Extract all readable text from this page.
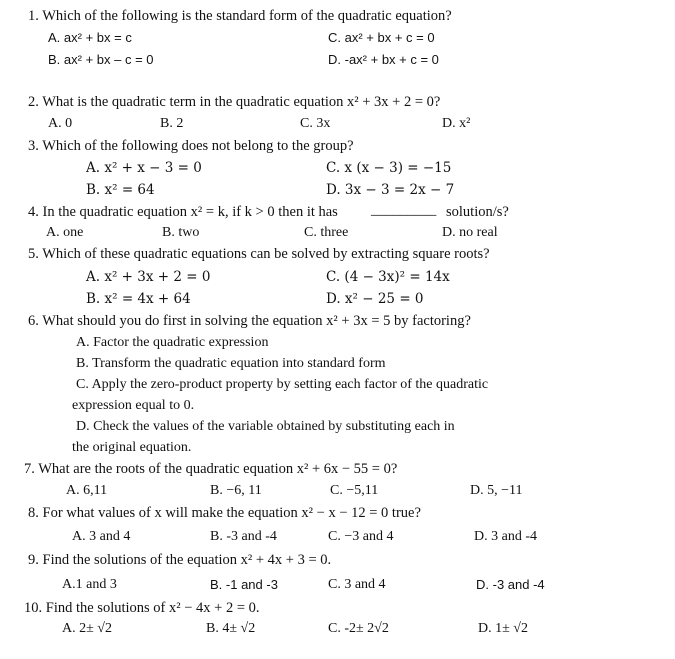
1. Which of the following is the standard form of the quadratic equation?
A. ax² + bx = c	C. ax² + bx + c = 0
B. ax² + bx – c = 0	D. -ax² + bx + c = 0
2. What is the quadratic term in the quadratic equation x² + 3x + 2 = 0?
A. 0	B. 2	C. 3x	D. x²
3. Which of the following does not belong to the group?
A. x² + x − 3 = 0	C. x (x − 3) = −15
B. x² = 64	D. 3x − 3 = 2x − 7
4. In the quadratic equation x² = k, if k > 0 then it has _________ solution/s?
A. one	B. two	C. three	D. no real
5. Which of these quadratic equations can be solved by extracting square roots?
A. x² + 3x + 2 = 0	C. (4 − 3x)² = 14x
B. x² = 4x + 64	D. x² − 25 = 0
6. What should you do first in solving the equation x² + 3x = 5 by factoring?
A. Factor the quadratic expression
B. Transform the quadratic equation into standard form
C. Apply the zero-product property by setting each factor of the quadratic
expression equal to 0.
D. Check the values of the variable obtained by substituting each in
the original equation.
7. What are the roots of the quadratic equation x² + 6x − 55 = 0?
A. 6,11	B. −6, 11	C. −5,11	D. 5, −11
8. For what values of x will make the equation x² − x − 12 = 0 true?
A. 3 and 4	B. -3 and -4	C. −3 and 4	D. 3 and -4
9. Find the solutions of the equation x² + 4x + 3 = 0.
A.1 and 3	B. -1 and -3	C. 3 and 4	D. -3 and -4
10. Find the solutions of x² − 4x + 2 = 0.
A. 2± √2	B. 4± √2	C. -2± 2√2	D. 1± √2
